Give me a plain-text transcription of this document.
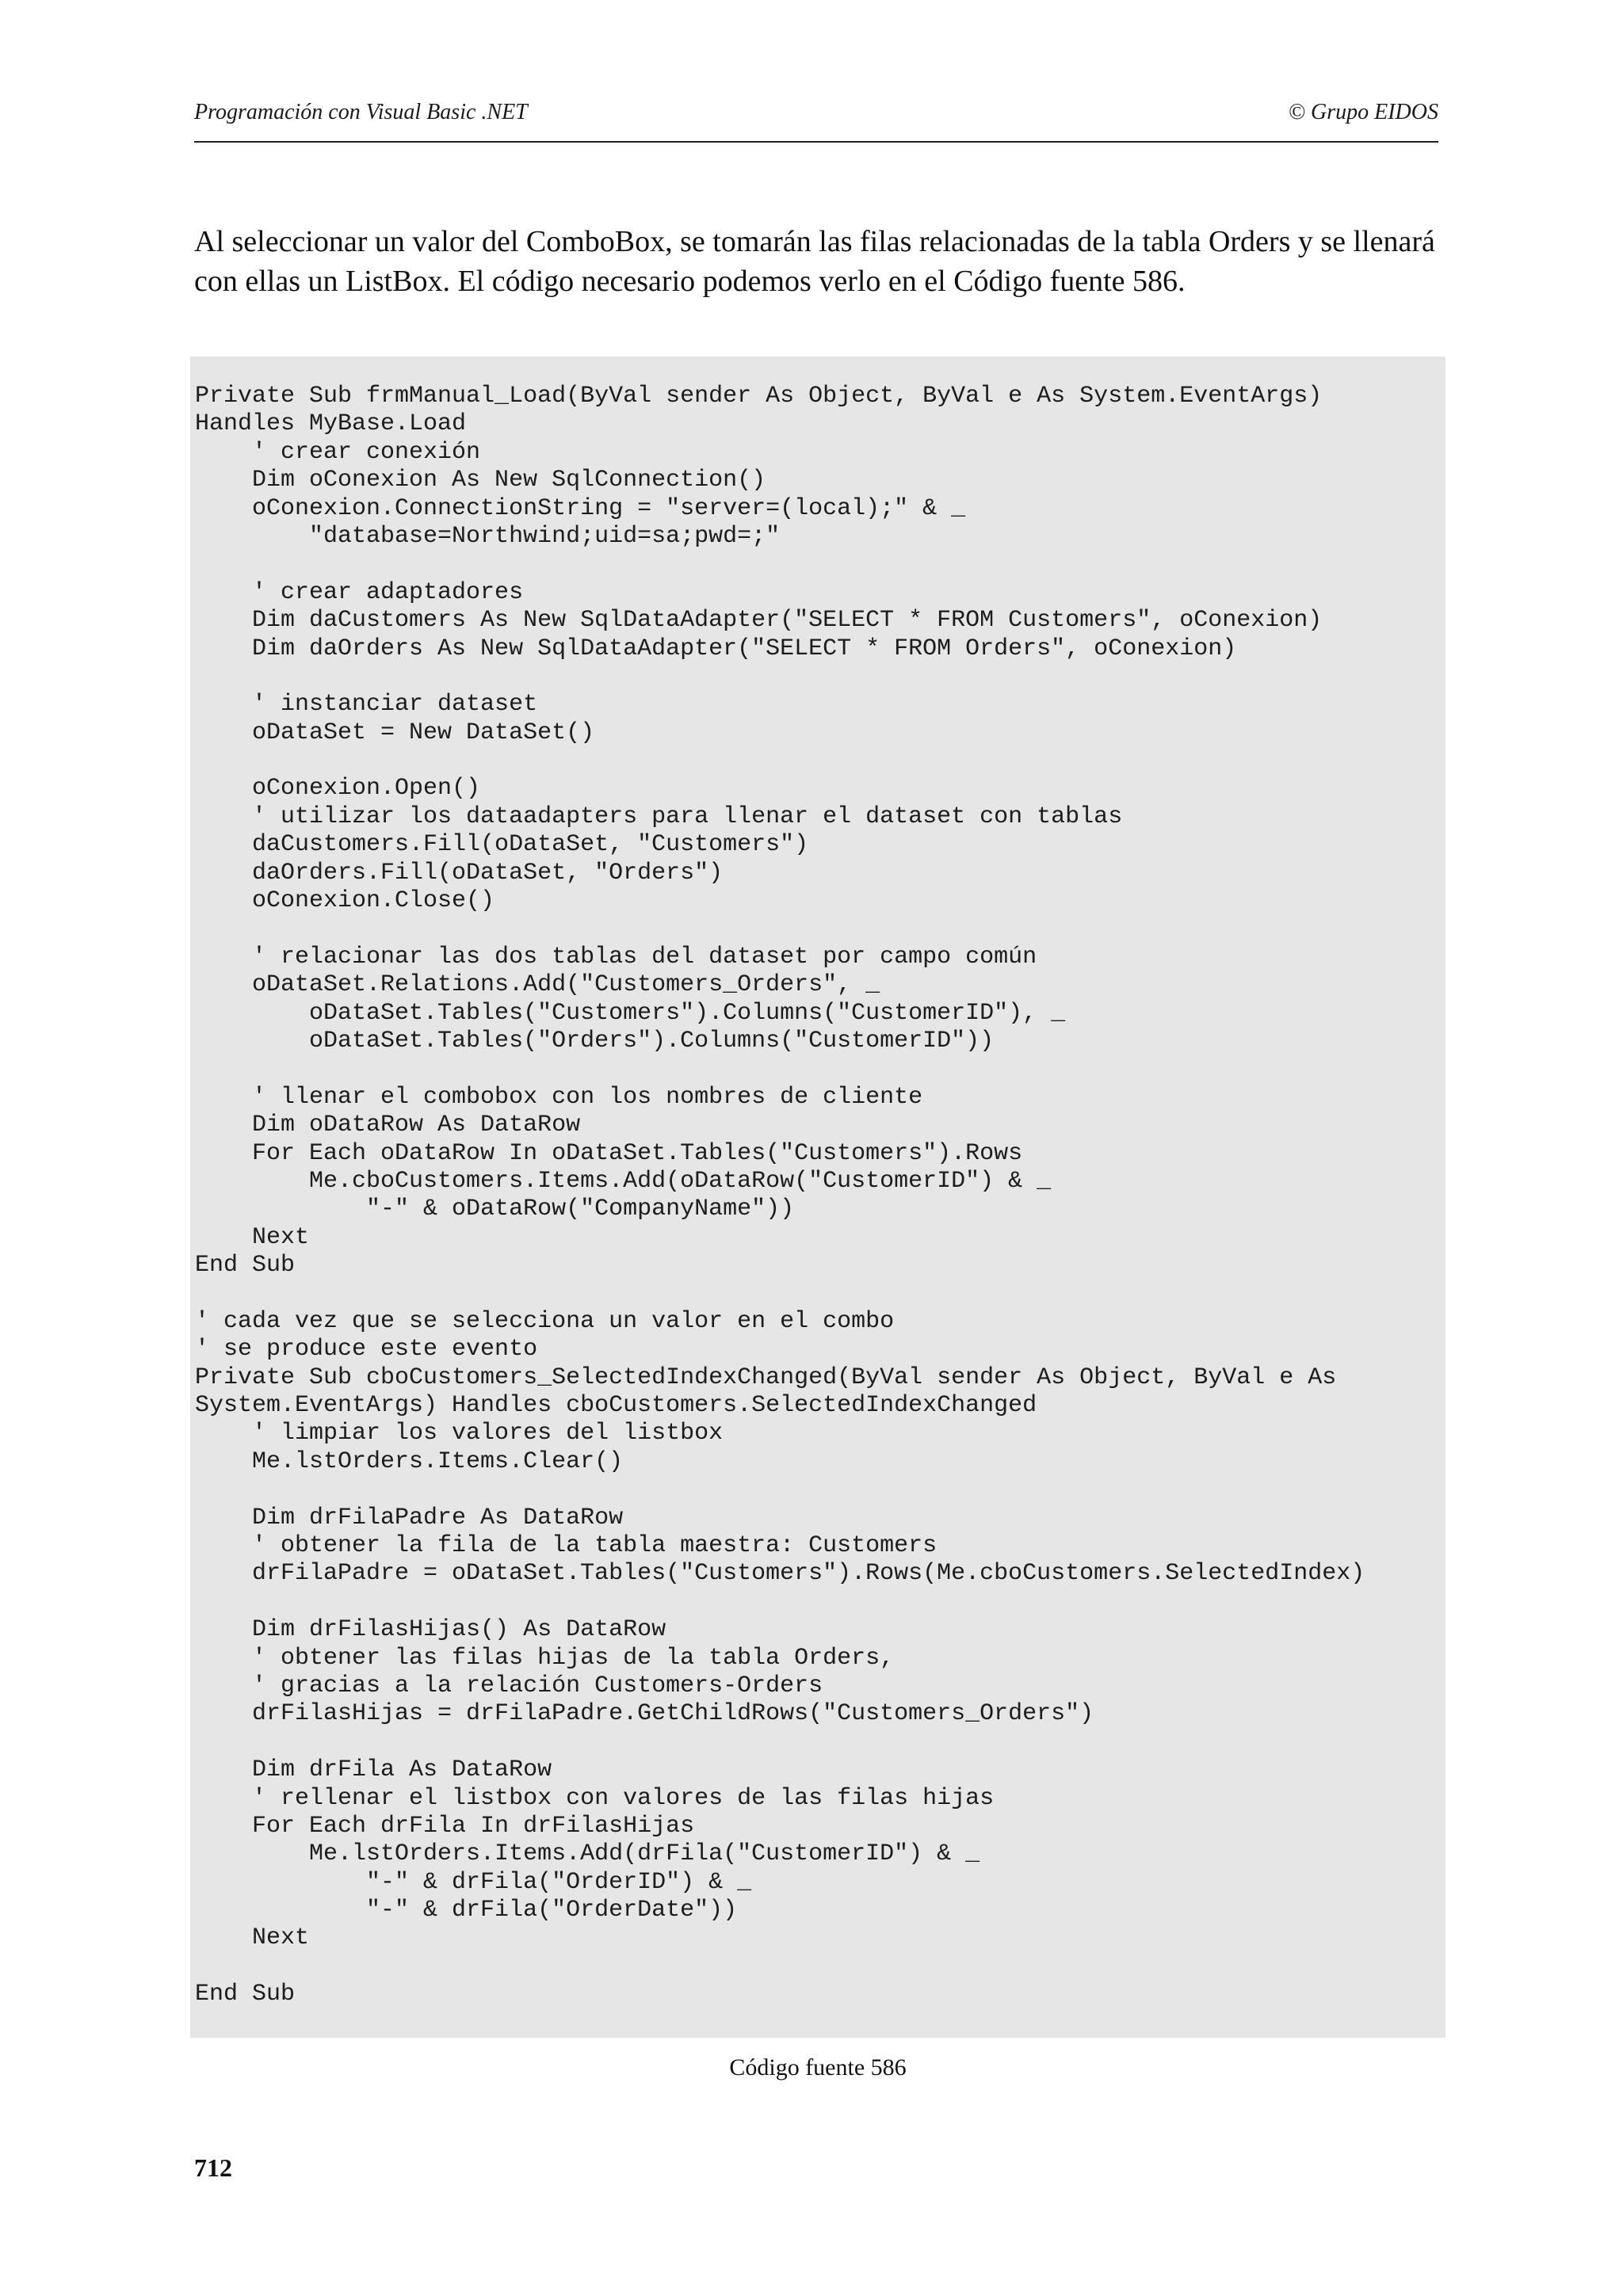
Programación con Visual Basic .NET	© Grupo EIDOS

Al seleccionar un valor del ComboBox, se tomarán las filas relacionadas de la tabla Orders y se llenará con ellas un ListBox. El código necesario podemos verlo en el Código fuente 586.

Private Sub frmManual_Load(ByVal sender As Object, ByVal e As System.EventArgs)
Handles MyBase.Load
' crear conexión
Dim oConexion As New SqlConnection()
oConexion.ConnectionString = "server=(local);" & _
"database=Northwind;uid=sa;pwd=;"
' crear adaptadores
Dim daCustomers As New SqlDataAdapter("SELECT * FROM Customers", oConexion)
Dim daOrders As New SqlDataAdapter("SELECT * FROM Orders", oConexion)
' instanciar dataset
oDataSet = New DataSet()
oConexion.Open()
' utilizar los dataadapters para llenar el dataset con tablas
daCustomers.Fill(oDataSet, "Customers")
daOrders.Fill(oDataSet, "Orders")
oConexion.Close()
' relacionar las dos tablas del dataset por campo común
oDataSet.Relations.Add("Customers_Orders", _
oDataSet.Tables("Customers").Columns("CustomerID"), _
oDataSet.Tables("Orders").Columns("CustomerID"))
' llenar el combobox con los nombres de cliente
Dim oDataRow As DataRow
For Each oDataRow In oDataSet.Tables("Customers").Rows
Me.cboCustomers.Items.Add(oDataRow("CustomerID") & _
"-" & oDataRow("CompanyName"))
Next
End Sub
' cada vez que se selecciona un valor en el combo
' se produce este evento
Private Sub cboCustomers_SelectedIndexChanged(ByVal sender As Object, ByVal e As
System.EventArgs) Handles cboCustomers.SelectedIndexChanged
' limpiar los valores del listbox
Me.lstOrders.Items.Clear()
Dim drFilaPadre As DataRow
' obtener la fila de la tabla maestra: Customers
drFilaPadre = oDataSet.Tables("Customers").Rows(Me.cboCustomers.SelectedIndex)
Dim drFilasHijas() As DataRow
' obtener las filas hijas de la tabla Orders,
' gracias a la relación Customers-Orders
drFilasHijas = drFilaPadre.GetChildRows("Customers_Orders")
Dim drFila As DataRow
' rellenar el listbox con valores de las filas hijas
For Each drFila In drFilasHijas
Me.lstOrders.Items.Add(drFila("CustomerID") & _
"-" & drFila("OrderID") & _
"-" & drFila("OrderDate"))
Next
End Sub
Código fuente 586
712
